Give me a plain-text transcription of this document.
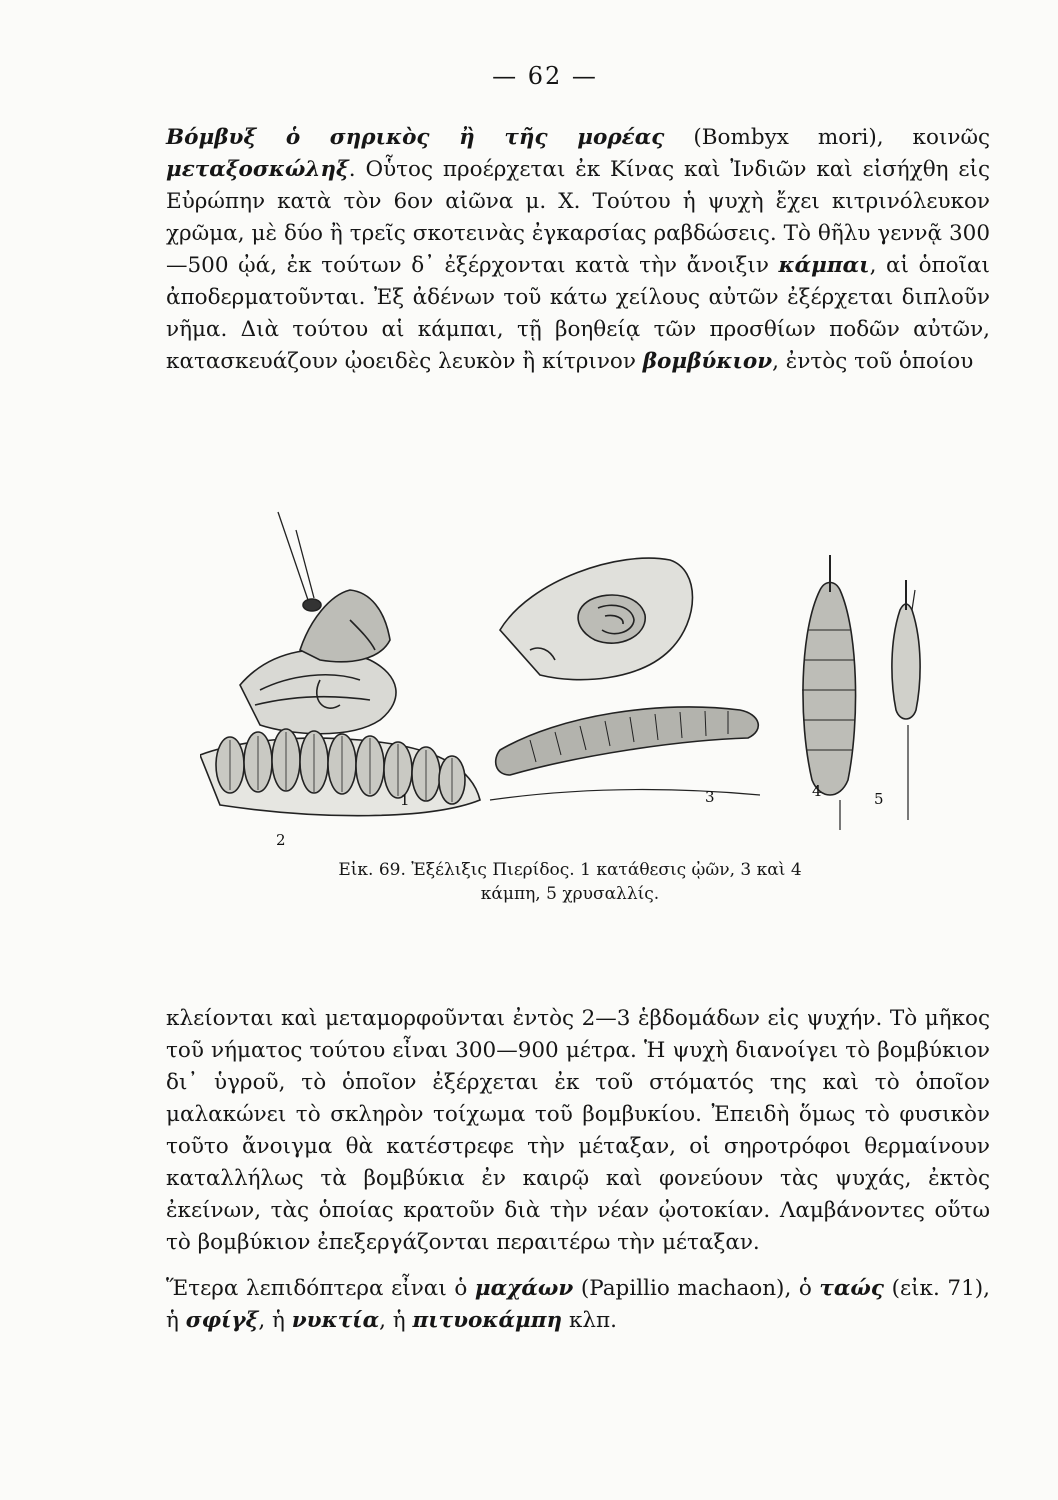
— 62 —

Βόμβυξ ὁ σηρικὸς ἢ τῆς μορέας (Bombyx mori), κοινῶς μεταξοσκώληξ. Οὗτος προέρχεται ἐκ Κίνας καὶ Ἰνδιῶν καὶ εἰσήχθη εἰς Εὐρώπην κατὰ τὸν 6ον αἰῶνα μ. Χ. Τούτου ἡ ψυχὴ ἔχει κιτρινόλευκον χρῶμα, μὲ δύο ἢ τρεῖς σκοτεινὰς ἐγκαρσίας ραβδώσεις. Τὸ θῆλυ γεννᾷ 300—500 ᾠά, ἐκ τούτων δ᾽ ἐξέρχονται κατὰ τὴν ἄνοιξιν κάμπαι, αἱ ὁποῖαι ἀποδερματοῦνται. Ἐξ ἀδένων τοῦ κάτω χείλους αὐτῶν ἐξέρχεται διπλοῦν νῆμα. Διὰ τούτου αἱ κάμπαι, τῇ βοηθείᾳ τῶν προσθίων ποδῶν αὐτῶν, κατασκευάζουν ᾠοειδὲς λευκὸν ἢ κίτρινον βομβύκιον, ἐντὸς τοῦ ὁποίου

1
2
3	4	5
Εἰκ. 69. Ἐξέλιξις Πιερίδος. 1 κατάθεσις ᾠῶν, 3 καὶ 4
κάμπη, 5 χρυσαλλίς.

κλείονται καὶ μεταμορφοῦνται ἐντὸς 2—3 ἑβδομάδων εἰς ψυχήν. Τὸ μῆκος τοῦ νήματος τούτου εἶναι 300—900 μέτρα. Ἡ ψυχὴ διανοίγει τὸ βομβύκιον δι᾽ ὑγροῦ, τὸ ὁποῖον ἐξέρχεται ἐκ τοῦ στόματός της καὶ τὸ ὁποῖον μαλακώνει τὸ σκληρὸν τοίχωμα τοῦ βομβυκίου. Ἐπειδὴ ὅμως τὸ φυσικὸν τοῦτο ἄνοιγμα θὰ κατέστρεφε τὴν μέταξαν, οἱ σηροτρόφοι θερμαίνουν καταλλήλως τὰ βομβύκια ἐν καιρῷ καὶ φονεύουν τὰς ψυχάς, ἐκτὸς ἐκείνων, τὰς ὁποίας κρατοῦν διὰ τὴν νέαν ᾠοτοκίαν. Λαμβάνοντες οὕτω τὸ βομβύκιον ἐπεξεργάζονται περαιτέρω τὴν μέταξαν.

Ἕτερα λεπιδόπτερα εἶναι ὁ μαχάων (Papillio machaon), ὁ ταώς (εἰκ. 71), ἡ σφίγξ, ἡ νυκτία, ἡ πιτυοκάμπη κλπ.
